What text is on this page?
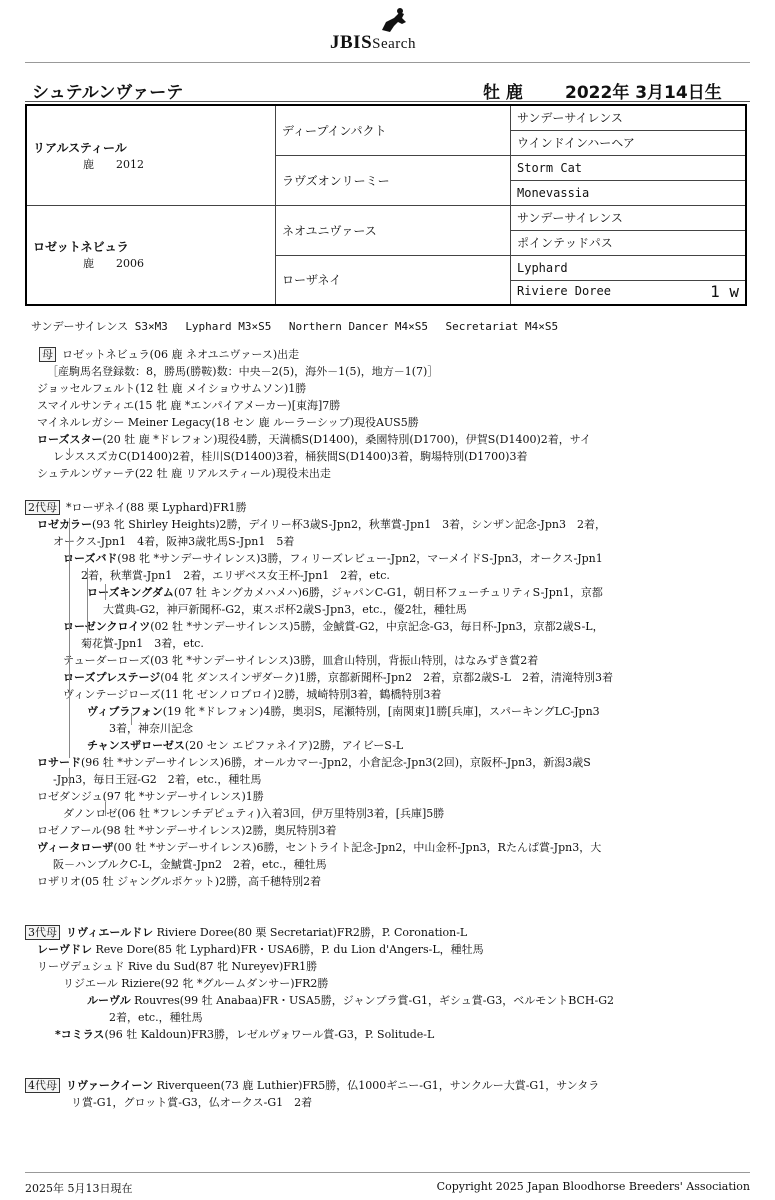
JBISSearch
シュテルンヴァーテ	牡 鹿 2022年 3月14日生
リアルスティール
鹿　　2012	ディープインパクト	サンデーサイレンス
		ウインドインハーヘア
	ラヴズオンリーミー	Storm Cat
		Monevassia

ロゼットネビュラ
鹿　　2006	ネオユニヴァース	サンデーサイレンス
		ポインテッドパス
	ローザネイ	Lyphard
		Riviere Doree 1 w
サンデーサイレンス S3×M3 Lyphard M3×S5 Northern Dancer M4×S5 Secretariat M4×S5
母 ロゼットネビュラ(06 鹿 ネオユニヴァース)出走
［産駒馬名登録数：8，勝馬(勝鞍)数：中央－2(5)，海外－1(5)，地方－1(7)］
ジョッセルフェルト(12 牡 鹿 メイショウサムソン)1勝
スマイルサンティエ(15 牝 鹿 *エンパイアメーカー)[東海]7勝
マイネルレガシー Meiner Legacy(18 セン 鹿 ルーラーシップ)現役AUS5勝
ローズスター(20 牡 鹿 *ドレフォン)現役4勝，天満橋S(D1400)，桑園特別(D1700)，伊賀S(D1400)2着，サイ
レンススズカC(D1400)2着，桂川S(D1400)3着，桶狭間S(D1400)3着，駒場特別(D1700)3着
シュテルンヴァーテ(22 牡 鹿 リアルスティール)現役未出走
2代母 *ローザネイ(88 栗 Lyphard)FR1勝
ロゼカラー(93 牝 Shirley Heights)2勝，デイリー杯3歳S-Jpn2，秋華賞-Jpn1　3着，シンザン記念-Jpn3　2着，
オークス-Jpn1　4着，阪神3歳牝馬S-Jpn1　5着
ローズバド(98 牝 *サンデーサイレンス)3勝，フィリーズレビュー-Jpn2，マーメイドS-Jpn3，オークス-Jpn1
2着，秋華賞-Jpn1　2着，エリザベス女王杯-Jpn1　2着，etc.
ローズキングダム(07 牡 キングカメハメハ)6勝，ジャパンC-G1，朝日杯フューチュリティS-Jpn1，京都
大賞典-G2，神戸新聞杯-G2，東スポ杯2歳S-Jpn3，etc.，優2牡，種牡馬
ローゼンクロイツ(02 牡 *サンデーサイレンス)5勝，金鯱賞-G2，中京記念-G3，毎日杯-Jpn3，京都2歳S-L，
菊花賞-Jpn1　3着，etc.
テューダーローズ(03 牝 *サンデーサイレンス)3勝，皿倉山特別，背振山特別，はなみずき賞2着
ローズプレステージ(04 牝 ダンスインザダーク)1勝，京都新聞杯-Jpn2　2着，京都2歳S-L　2着，清滝特別3着
ヴィンテージローズ(11 牝 ゼンノロブロイ)2勝，城崎特別3着，鶴橋特別3着
ヴィブラフォン(19 牝 *ドレフォン)4勝，奥羽S，尾瀬特別，[南関東]1勝[兵庫]，スパーキングLC-Jpn3
3着，神奈川記念
チャンスザローゼス(20 セン エピファネイア)2勝，アイビーS-L
ロサード(96 牡 *サンデーサイレンス)6勝，オールカマー-Jpn2，小倉記念-Jpn3(2回)，京阪杯-Jpn3，新潟3歳S
-Jpn3，毎日王冠-G2　2着，etc.，種牡馬
ロゼダンジュ(97 牝 *サンデーサイレンス)1勝
ダノンロゼ(06 牡 *フレンチデピュティ)入着3回，伊万里特別3着，[兵庫]5勝
ロゼノアール(98 牡 *サンデーサイレンス)2勝，奥尻特別3着
ヴィータローザ(00 牡 *サンデーサイレンス)6勝，セントライト記念-Jpn2，中山金杯-Jpn3，Rたんぱ賞-Jpn3，大
阪－ハンブルクC-L，金鯱賞-Jpn2　2着，etc.，種牡馬
ロザリオ(05 牡 ジャングルポケット)2勝，高千穂特別2着
3代母 リヴィエールドレ Riviere Doree(80 栗 Secretariat)FR2勝，P. Coronation-L
レーヴドレ Reve Dore(85 牝 Lyphard)FR・USA6勝，P. du Lion d'Angers-L，種牡馬
リーヴデュシュド Rive du Sud(87 牝 Nureyev)FR1勝
リジエール Riziere(92 牝 *グルームダンサー)FR2勝
ルーヴル Rouvres(99 牡 Anabaa)FR・USA5勝，ジャンプラ賞-G1，ギシュ賞-G3，ベルモントBCH-G2
2着，etc.，種牡馬
*コミラス(96 牡 Kaldoun)FR3勝，レゼルヴォワール賞-G3，P. Solitude-L
4代母 リヴァークイーン Riverqueen(73 鹿 Luthier)FR5勝，仏1000ギニー-G1，サンクルー大賞-G1，サンタラ
リ賞-G1，グロット賞-G3，仏オークス-G1　2着
2025年 5月13日現在	Copyright 2025 Japan Bloodhorse Breeders' Association
